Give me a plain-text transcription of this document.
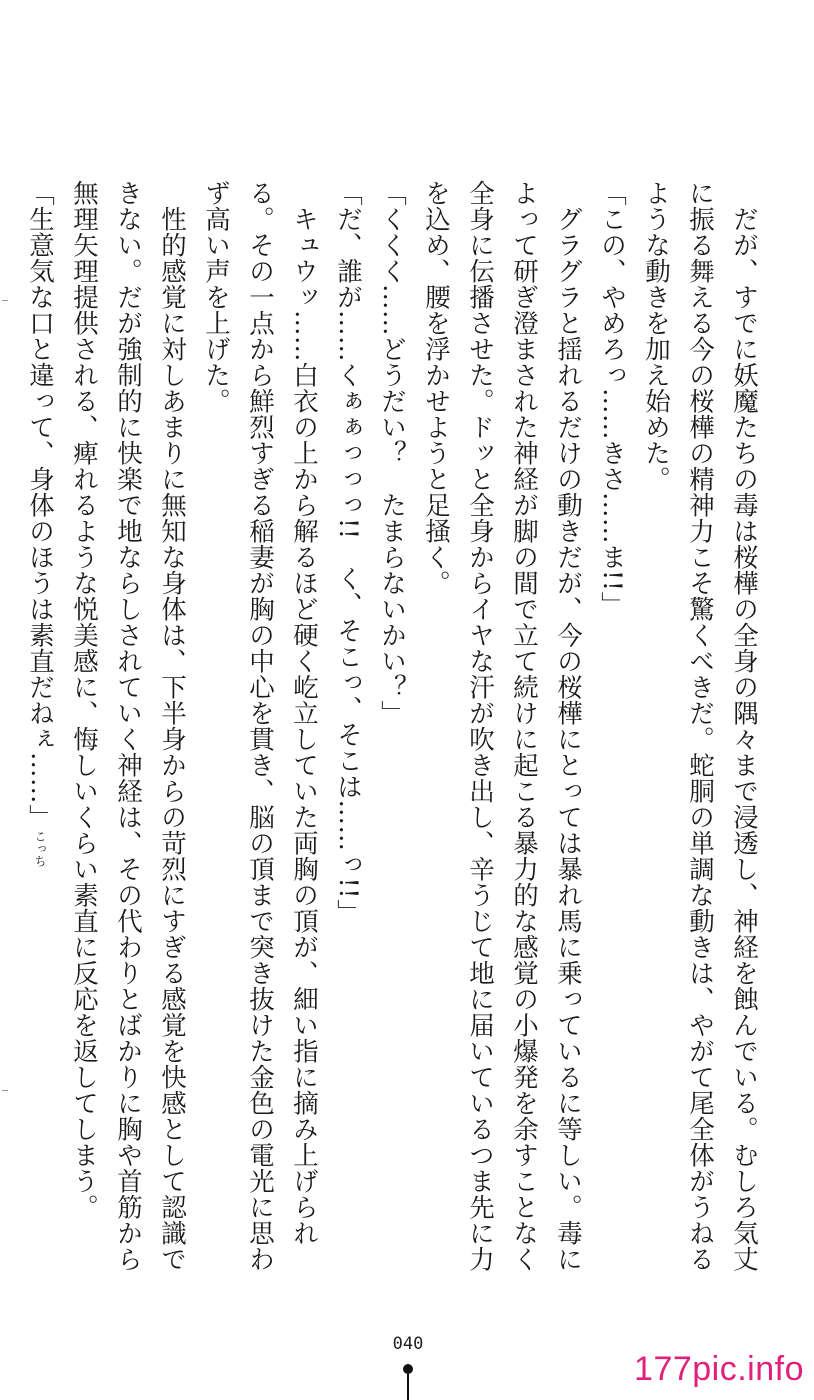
だが、すでに妖魔たちの毒は桜樺の全身の隅々まで浸透し、神経を蝕んでいる。むしろ気丈に振る舞える今の桜樺の精神力こそ驚くべきだ。蛇胴の単調な動きは、やがて尾全体がうねるような動きを加え始めた。

「この、やめろっ……きさ……ま!!」

グラグラと揺れるだけの動きだが、今の桜樺にとっては暴れ馬に乗っているに等しい。毒によって研ぎ澄まされた神経が脚の間で立て続けに起こる暴力的な感覚の小爆発を余すことなく全身に伝播させた。ドッと全身からイヤな汗が吹き出し、辛うじて地に届いているつま先に力を込め、腰を浮かせようと足掻く。

「くくく……どうだい？　たまらないかい？」

「だ、誰が……くぁぁっっっ!!　く、そこっ、そこは……っ!!」

キュウッ……白衣の上から解るほど硬く屹立していた両胸の頂が、細い指に摘み上げられる。その一点から鮮烈すぎる稲妻が胸の中心を貫き、脳の頂まで突き抜けた金色の電光に思わず高い声を上げた。

性的感覚に対しあまりに無知な身体は、下半身からの苛烈にすぎる感覚を快感として認識できない。だが強制的に快楽で地ならしされていく神経は、その代わりとばかりに胸や首筋から無理矢理提供される、痺れるような悦美感に、悔しいくらい素直に反応を返してしまう。

「生意気な口と違って、身体のほうは素直だねぇ……」こっち

040
177pic.info
